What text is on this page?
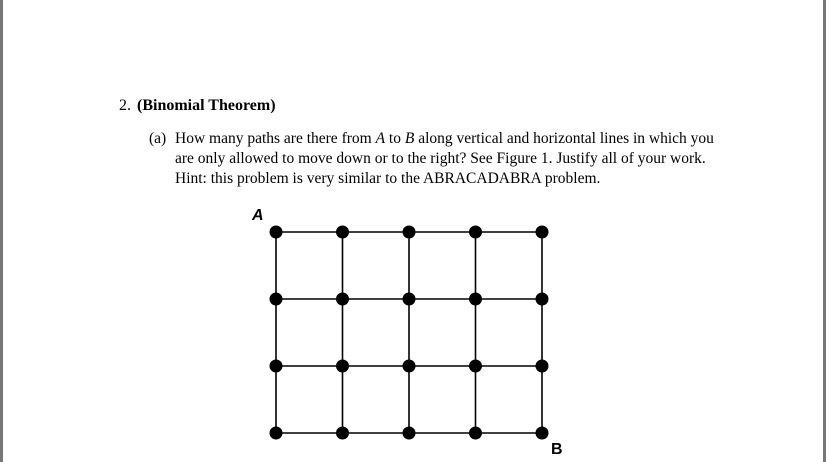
2. (Binomial Theorem)
(a) How many paths are there from A to B along vertical and horizontal lines in which you
are only allowed to move down or to the right? See Figure 1. Justify all of your work.
Hint: this problem is very similar to the ABRACADABRA problem.
A
B
